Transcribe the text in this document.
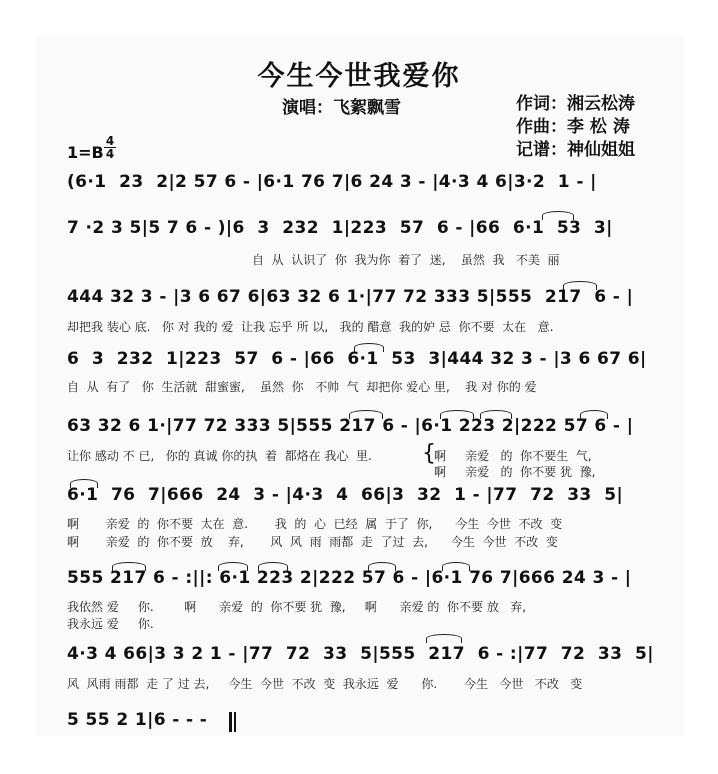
今生今世我爱你
演唱：飞絮飘雪	作词：湘云松涛
作曲：李 松 涛
记谱：神仙姐姐
1=B
4
4
(6·1  23  2|2 57 6 - |6·1 76 7|6 24 3 - |4·3 4 6|3·2  1 - |
7 ·2 3 5|5 7 6 - )|6  3  232  1|223  57  6 - |66  6·1  53  3|
自  从  认识了  你  我为你  着了  迷,    虽然  我   不美  丽
444 32 3 - |3 6 67 6|63 32 6 1·|77 72 333 5|555  217  6 - |
却把我 装心 底.   你 对 我的 爱  让我 忘乎 所 以,   我的 醋意  我的妒 忌  你不要  太在   意.
6  3  232  1|223  57  6 - |66  6·1  53  3|444 32 3 - |3 6 67 6|
自  从  有了   你  生活就  甜蜜蜜,    虽然  你   不帅  气  却把你 爱心 里,    我 对 你的 爱
63 32 6 1·|77 72 333 5|555 217 6 - |6·1 223 2|222 57 6 - |
让你 感动 不 已,   你的 真诚 你的执  着  都烙在 我心  里. {
啊     亲爱   的  你不要生  气,
啊     亲爱   的  你不要 犹  豫,
6·1  76  7|666  24  3 - |4·3  4  66|3  32  1 - |77  72  33  5|
啊       亲爱  的  你不要  太在  意.       我  的  心  已经  属  于了  你,      今生  今世  不改  变
啊       亲爱  的  你不要  放    弃,       风  风  雨  雨都  走  了过  去,      今生  今世  不改  变
555 217 6 - :||: 6·1 223 2|222 57 6 - |6·1 76 7|666 24 3 - |
我依然 爱     你.        啊      亲爱  的  你不要 犹  豫,     啊      亲爱 的  你不要 放   弃,
我永远 爱     你.
4·3 4 66|3 3 2 1 - |77  72  33  5|555  217  6 - :|77  72  33  5|
风  风雨 雨都  走 了 过 去,     今生  今世  不改  变  我永远  爱      你.       今生   今世   不改   变
5 55 2 1|6 - - -
